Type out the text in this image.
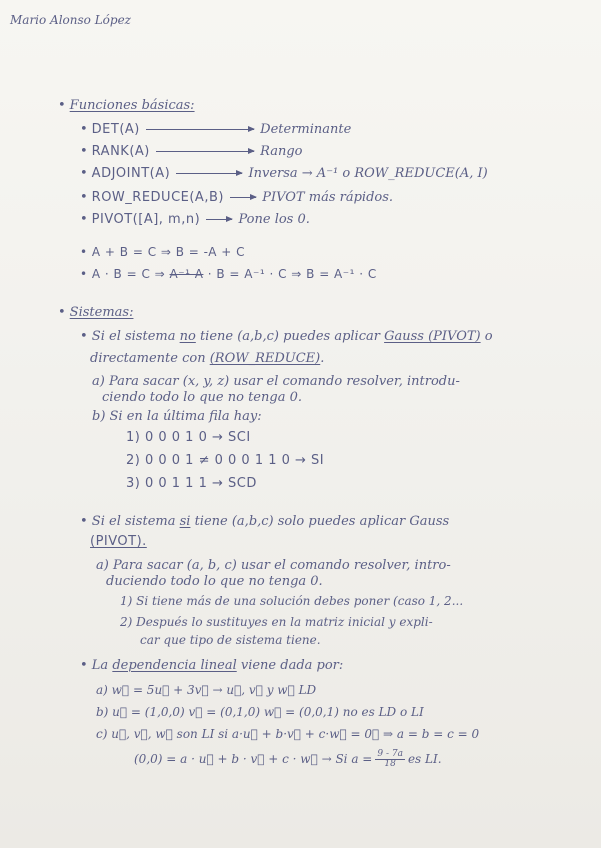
Mario Alonso López
• Funciones básicas:
• DET(A)	Determinante
• RANK(A)	Rango
• ADJOINT(A)	Inversa → A⁻¹ o ROW_REDUCE(A, I)
• ROW_REDUCE(A,B)	PIVOT más rápidos.
• PIVOT([A], m,n)	Pone los 0.
• A + B = C ⇒ B = -A + C
• A · B = C ⇒ A⁻¹ A · B = A⁻¹ · C ⇒ B = A⁻¹ · C
• Sistemas:
• Si el sistema no tiene (a,b,c) puedes aplicar Gauss (PIVOT) o
directamente con (ROW_REDUCE).
a) Para sacar (x, y, z) usar el comando resolver, introdu-
ciendo todo lo que no tenga 0.
b) Si en la última fila hay:
1) 0 0 0 1 0 → SCI
2) 0 0 0 1 ≠ 0 0 0 1 1 0 → SI
3) 0 0 1 1 1 → SCD
• Si el sistema si tiene (a,b,c) solo puedes aplicar Gauss
(PIVOT).
a) Para sacar (a, b, c) usar el comando resolver, intro-
duciendo todo lo que no tenga 0.
1) Si tiene más de una solución debes poner (caso 1, 2...
2) Después lo sustituyes en la matriz inicial y expli-
car que tipo de sistema tiene.
• La dependencia lineal viene dada por:
a) w⃗ = 5u⃗ + 3v⃗ → u⃗, v⃗ y w⃗ LD
b) u⃗ = (1,0,0) v⃗ = (0,1,0) w⃗ = (0,0,1) no es LD o LI
c) u⃗, v⃗, w⃗ son LI si a·u⃗ + b·v⃗ + c·w⃗ = 0⃗ ⇒ a = b = c = 0
(0,0) = a · u⃗ + b · v⃗ + c · w⃗ → Si $a = \frac{9 - 7a}{18}$ es LI.
